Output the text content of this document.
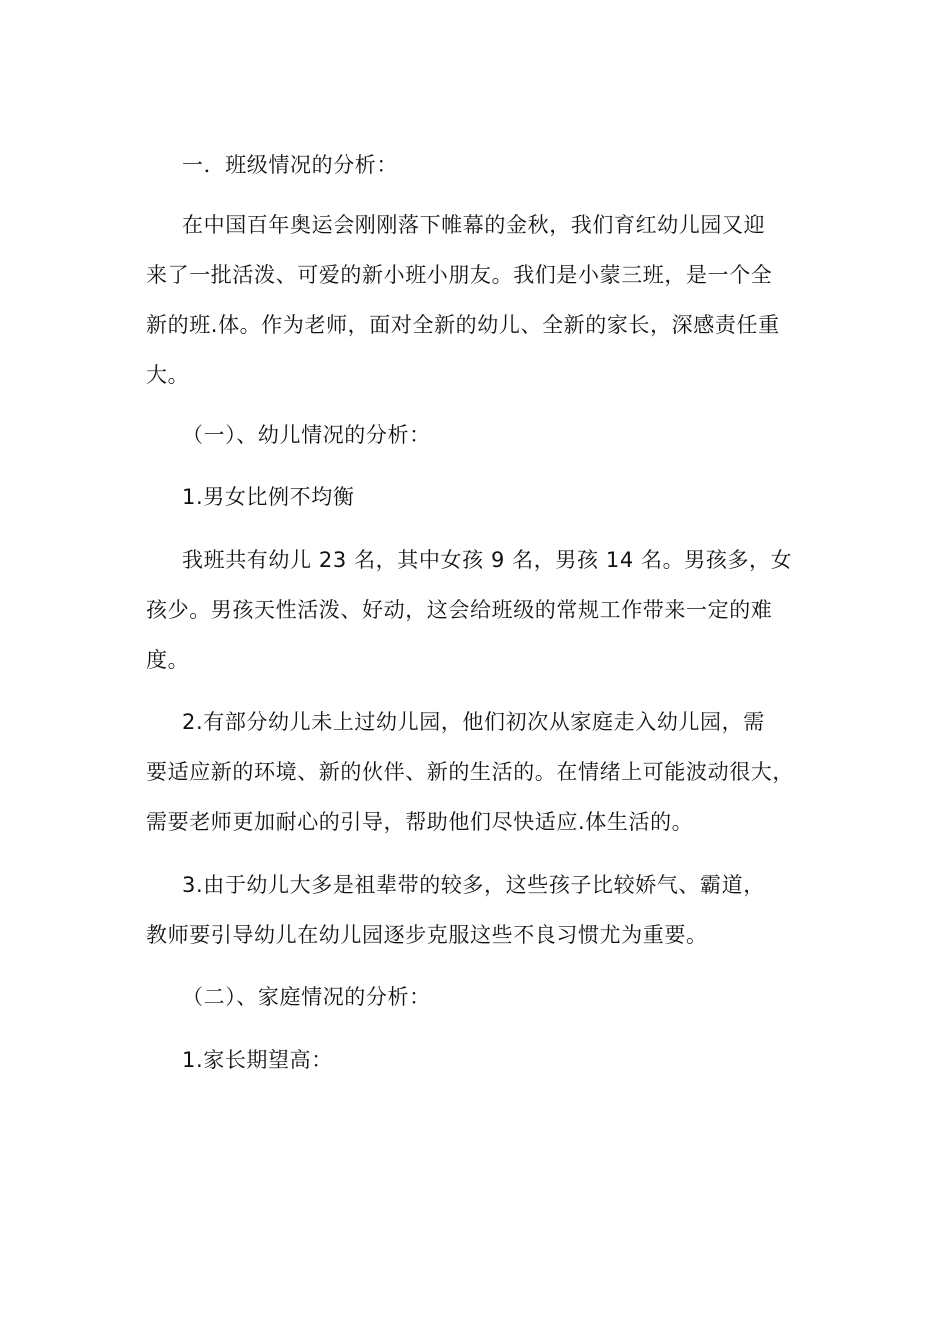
一．班级情况的分析：
在中国百年奥运会刚刚落下帷幕的金秋，我们育红幼儿园又迎
来了一批活泼、可爱的新小班小朋友。我们是小蒙三班，是一个全
新的班.体。作为老师，面对全新的幼儿、全新的家长，深感责任重
大。
（一）、幼儿情况的分析：
1.男女比例不均衡
我班共有幼儿 23 名，其中女孩 9 名，男孩 14 名。男孩多，女
孩少。男孩天性活泼、好动，这会给班级的常规工作带来一定的难
度。
2.有部分幼儿未上过幼儿园，他们初次从家庭走入幼儿园，需
要适应新的环境、新的伙伴、新的生活的。在情绪上可能波动很大，
需要老师更加耐心的引导，帮助他们尽快适应.体生活的。
3.由于幼儿大多是祖辈带的较多，这些孩子比较娇气、霸道，
教师要引导幼儿在幼儿园逐步克服这些不良习惯尤为重要。
（二）、家庭情况的分析：
1.家长期望高：
